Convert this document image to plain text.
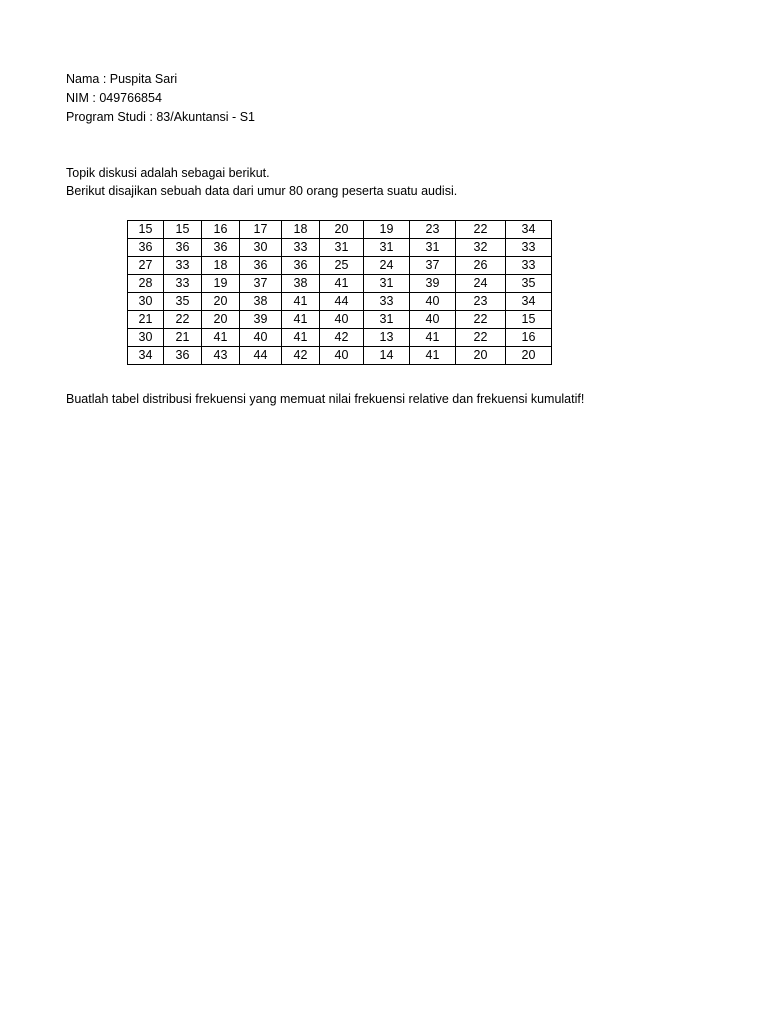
Nama : Puspita Sari
NIM : 049766854
Program Studi : 83/Akuntansi - S1
Topik diskusi adalah sebagai berikut.
Berikut disajikan sebuah data dari umur 80 orang peserta suatu audisi.
15	15	16	17	18	20	19	23	22	34
36	36	36	30	33	31	31	31	32	33
27	33	18	36	36	25	24	37	26	33
28	33	19	37	38	41	31	39	24	35
30	35	20	38	41	44	33	40	23	34
21	22	20	39	41	40	31	40	22	15
30	21	41	40	41	42	13	41	22	16
34	36	43	44	42	40	14	41	20	20
Buatlah tabel distribusi frekuensi yang memuat nilai frekuensi relative dan frekuensi kumulatif!
